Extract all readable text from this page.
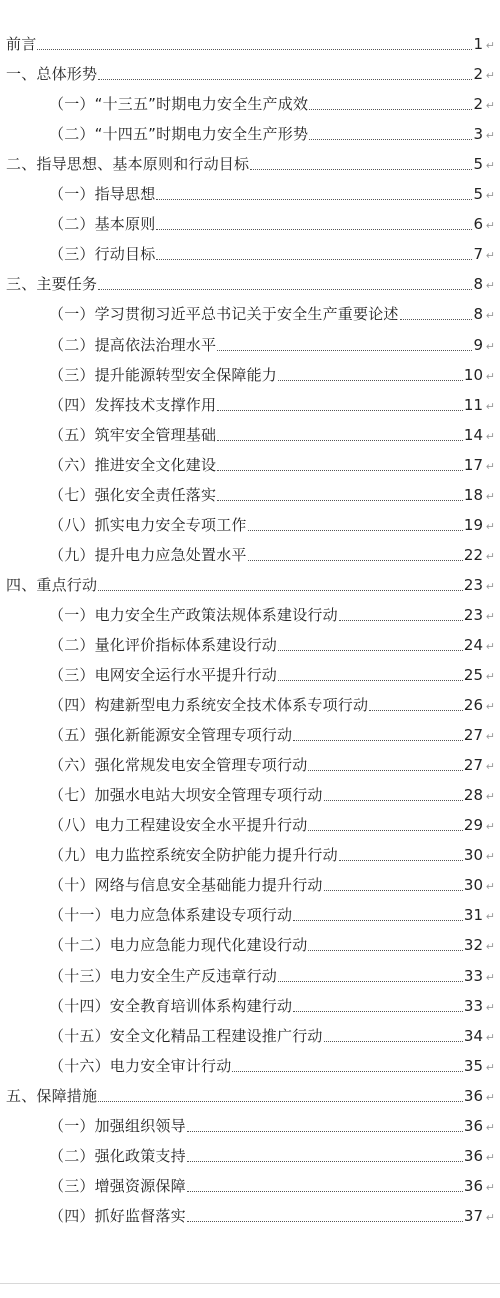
前言	1 ↵
一、总体形势	2 ↵
（一）“十三五”时期电力安全生产成效	2 ↵
（二）“十四五”时期电力安全生产形势	3 ↵
二、指导思想、基本原则和行动目标	5 ↵
（一）指导思想	5 ↵
（二）基本原则	6 ↵
（三）行动目标	7 ↵
三、主要任务	8 ↵
（一）学习贯彻习近平总书记关于安全生产重要论述	8 ↵
（二）提高依法治理水平	9 ↵
（三）提升能源转型安全保障能力	10 ↵
（四）发挥技术支撑作用	11 ↵
（五）筑牢安全管理基础	14 ↵
（六）推进安全文化建设	17 ↵
（七）强化安全责任落实	18 ↵
（八）抓实电力安全专项工作	19 ↵
（九）提升电力应急处置水平	22 ↵
四、重点行动	23 ↵
（一）电力安全生产政策法规体系建设行动	23 ↵
（二）量化评价指标体系建设行动	24 ↵
（三）电网安全运行水平提升行动	25 ↵
（四）构建新型电力系统安全技术体系专项行动	26 ↵
（五）强化新能源安全管理专项行动	27 ↵
（六）强化常规发电安全管理专项行动	27 ↵
（七）加强水电站大坝安全管理专项行动	28 ↵
（八）电力工程建设安全水平提升行动	29 ↵
（九）电力监控系统安全防护能力提升行动	30 ↵
（十）网络与信息安全基础能力提升行动	30 ↵
（十一）电力应急体系建设专项行动	31 ↵
（十二）电力应急能力现代化建设行动	32 ↵
（十三）电力安全生产反违章行动	33 ↵
（十四）安全教育培训体系构建行动	33 ↵
（十五）安全文化精品工程建设推广行动	34 ↵
（十六）电力安全审计行动	35 ↵
五、保障措施	36 ↵
（一）加强组织领导	36 ↵
（二）强化政策支持	36 ↵
（三）增强资源保障	36 ↵
（四）抓好监督落实	37 ↵
